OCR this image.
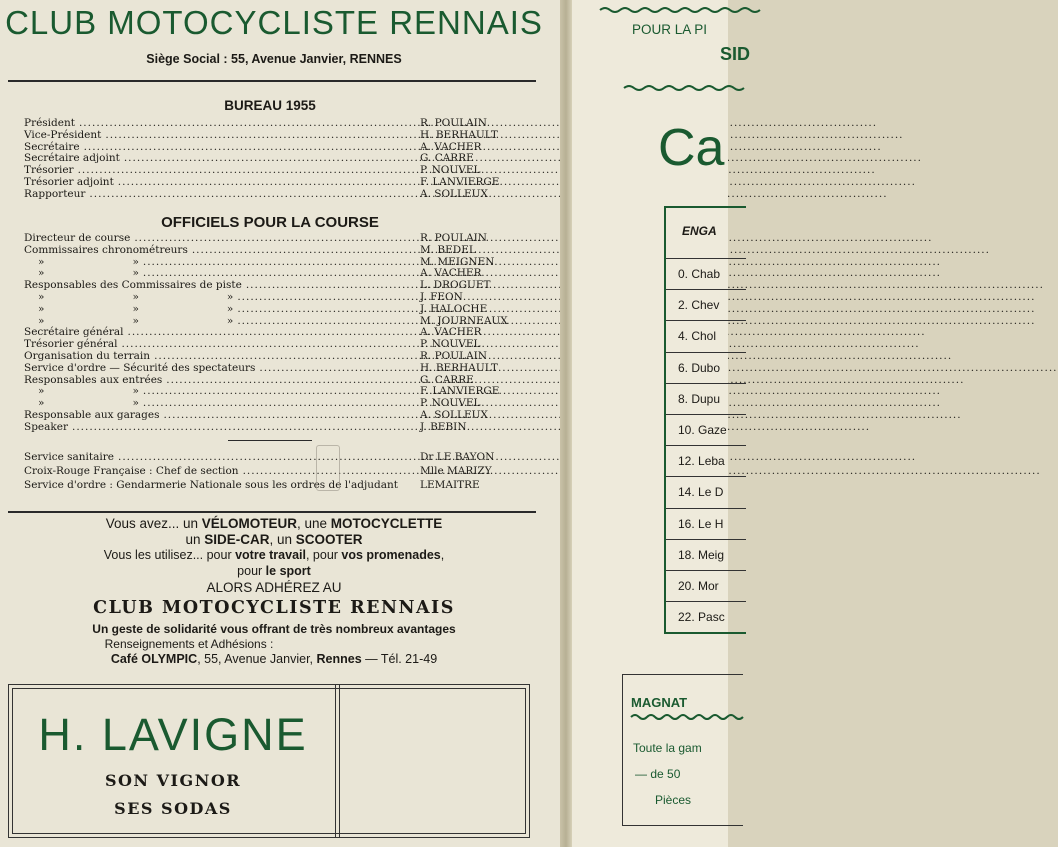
CLUB MOTOCYCLISTE RENNAIS
Siège Social : 55, Avenue Janvier, RENNES
BUREAU 1955
Président .....	R. POULAIN
Vice-Président .....	H. BERHAULT
Secrétaire .....	A. VACHER
Secrétaire adjoint .....	G. CARRE
Trésorier .....	P. NOUVEL
Trésorier adjoint .....	F. LANVIERGE
Rapporteur .....	A. SOLLEUX
OFFICIELS POUR LA COURSE
Directeur de course .....	R. POULAIN
Commissaires chronométreurs .....	M. BEDEL
»	» .....	M. MEIGNEN
»	» .....	A. VACHER
Responsables des Commissaires de piste .....	L. DROGUET
»	»	» .....	J. FEON
»	»	» .....	J. HALOCHE
»	»	» .....	M. JOURNEAUX
Secrétaire général .....	A. VACHER
Trésorier général .....	P. NOUVEL
Organisation du terrain .....	R. POULAIN
Service d'ordre — Sécurité des spectateurs .....	H. BERHAULT
Responsables aux entrées .....	G. CARRE
»	» .....	F. LANVIERGE
»	» .....	P. NOUVEL
Responsable aux garages .....	A. SOLLEUX
Speaker .....	J. BEBIN
Service sanitaire .....	Dr LE BAYON
Croix-Rouge Française : Chef de section .....	Mlle MARIZY
Service d'ordre : Gendarmerie Nationale sous les ordres de l'adjudant LEMAITRE
Vous avez... un VÉLOMOTEUR, une MOTOCYCLETTE
un SIDE-CAR, un SCOOTER
Vous les utilisez... pour votre travail, pour vos promenades,
pour le sport
ALORS ADHÉREZ AU
CLUB MOTOCYCLISTE RENNAIS
Un geste de solidarité vous offrant de très nombreux avantages
Renseignements et Adhésions :
Café OLYMPIC, 55, Avenue Janvier, Rennes — Tél. 21-49
H. LAVIGNE
SON VIGNOR
SES SODAS
POUR LA PI
SID
Ca
ENGA
0. Chab
2. Chev
4. Chol
6. Dubo
8. Dupu
10. Gaze
12. Leba
14. Le D
16. Le H
18. Meig
20. Mor
22. Pasc
MAGNAT
Toute la gam
— de 50
Pièces
